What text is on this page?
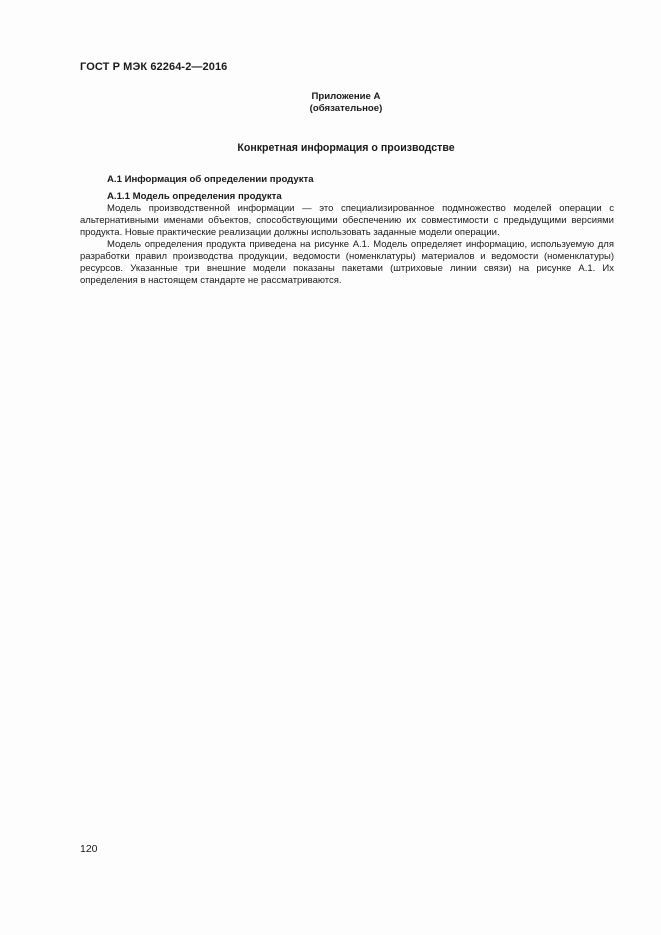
ГОСТ Р МЭК 62264-2—2016
Приложение А
(обязательное)
Конкретная информация о производстве
А.1 Информация об определении продукта
А.1.1 Модель определения продукта

Модель производственной информации — это специализированное подмножество моделей операции с альтернативными именами объектов, способствующими обеспечению их совместимости с предыдущими версиями продукта. Новые практические реализации должны использовать заданные модели операции.

Модель определения продукта приведена на рисунке А.1. Модель определяет информацию, используемую для разработки правил производства продукции, ведомости (номенклатуры) материалов и ведомости (номенклатуры) ресурсов. Указанные три внешние модели показаны пакетами (штриховые линии связи) на рисунке А.1. Их определения в настоящем стандарте не рассматриваются.

120
